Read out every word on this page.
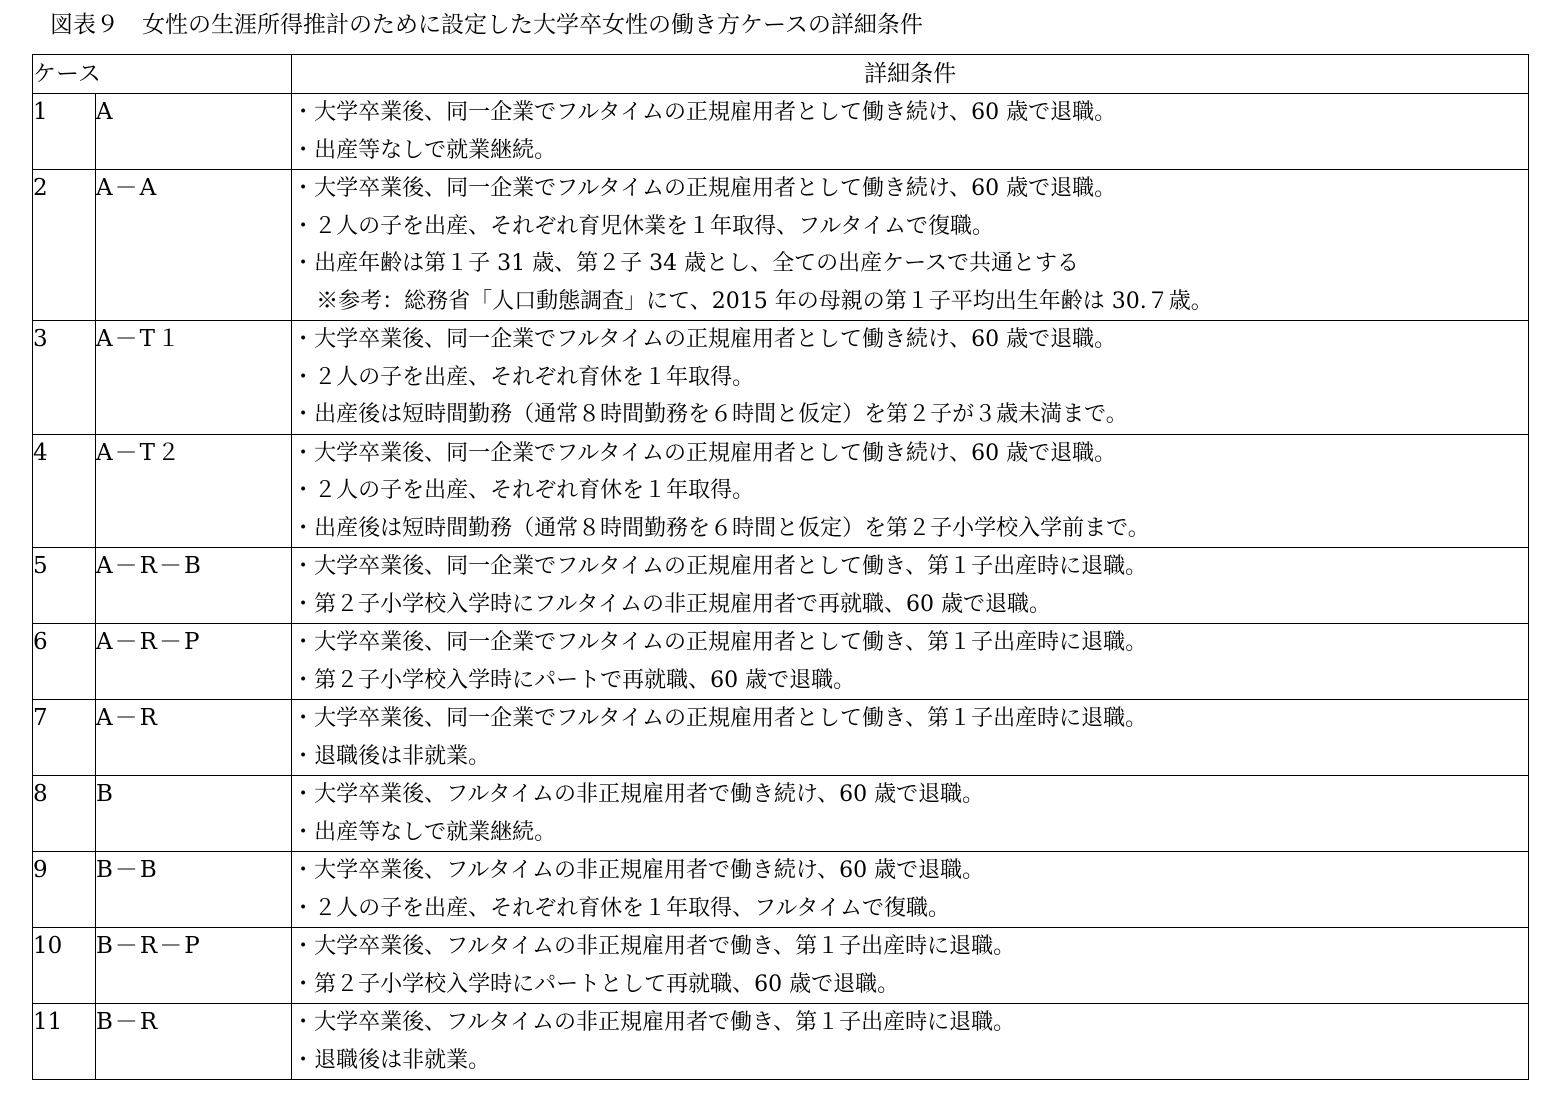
図表９　女性の生涯所得推計のために設定した大学卒女性の働き方ケースの詳細条件
ケース		詳細条件
1	A	・大学卒業後、同一企業でフルタイムの正規雇用者として働き続け、60 歳で退職。
・出産等なしで就業継続。

2	A－A	・大学卒業後、同一企業でフルタイムの正規雇用者として働き続け、60 歳で退職。
・２人の子を出産、それぞれ育児休業を１年取得、フルタイムで復職。
・出産年齢は第１子 31 歳、第２子 34 歳とし、全ての出産ケースで共通とする
※参考：総務省「人口動態調査」にて、2015 年の母親の第１子平均出生年齢は 30.７歳。

3	A－T１	・大学卒業後、同一企業でフルタイムの正規雇用者として働き続け、60 歳で退職。
・２人の子を出産、それぞれ育休を１年取得。
・出産後は短時間勤務（通常８時間勤務を６時間と仮定）を第２子が３歳未満まで。

4	A－T２	・大学卒業後、同一企業でフルタイムの正規雇用者として働き続け、60 歳で退職。
・２人の子を出産、それぞれ育休を１年取得。
・出産後は短時間勤務（通常８時間勤務を６時間と仮定）を第２子小学校入学前まで。

5	A－R－B	・大学卒業後、同一企業でフルタイムの正規雇用者として働き、第１子出産時に退職。
・第２子小学校入学時にフルタイムの非正規雇用者で再就職、60 歳で退職。

6	A－R－P	・大学卒業後、同一企業でフルタイムの正規雇用者として働き、第１子出産時に退職。
・第２子小学校入学時にパートで再就職、60 歳で退職。

7	A－R	・大学卒業後、同一企業でフルタイムの正規雇用者として働き、第１子出産時に退職。
・退職後は非就業。

8	B	・大学卒業後、フルタイムの非正規雇用者で働き続け、60 歳で退職。
・出産等なしで就業継続。

9	B－B	・大学卒業後、フルタイムの非正規雇用者で働き続け、60 歳で退職。
・２人の子を出産、それぞれ育休を１年取得、フルタイムで復職。

10	B－R－P	・大学卒業後、フルタイムの非正規雇用者で働き、第１子出産時に退職。
・第２子小学校入学時にパートとして再就職、60 歳で退職。

11	B－R	・大学卒業後、フルタイムの非正規雇用者で働き、第１子出産時に退職。
・退職後は非就業。
